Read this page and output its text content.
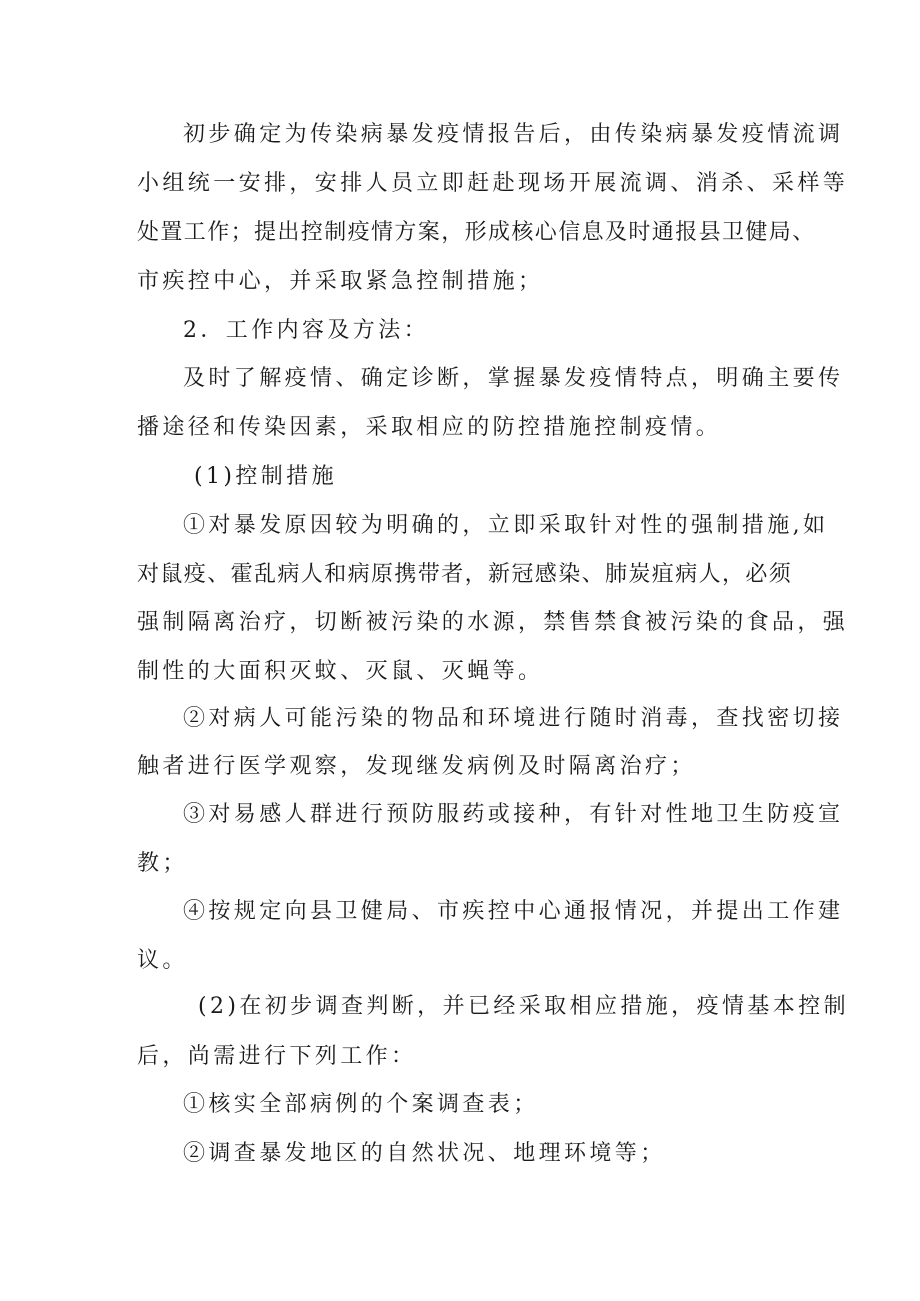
初步确定为传染病暴发疫情报告后，由传染病暴发疫情流调
小组统一安排，安排人员立即赶赴现场开展流调、消杀、采样等
处置工作；提出控制疫情方案，形成核心信息及时通报县卫健局、
市疾控中心，并采取紧急控制措施；
2．工作内容及方法：
及时了解疫情、确定诊断，掌握暴发疫情特点，明确主要传
播途径和传染因素，采取相应的防控措施控制疫情。
(1)控制措施
①对暴发原因较为明确的，立即采取针对性的强制措施,如
对鼠疫、霍乱病人和病原携带者，新冠感染、肺炭疽病人，必须
强制隔离治疗，切断被污染的水源，禁售禁食被污染的食品，强
制性的大面积灭蚊、灭鼠、灭蝇等。
②对病人可能污染的物品和环境进行随时消毒，查找密切接
触者进行医学观察，发现继发病例及时隔离治疗；
③对易感人群进行预防服药或接种，有针对性地卫生防疫宣
教；
④按规定向县卫健局、市疾控中心通报情况，并提出工作建
议。
(2)在初步调查判断，并已经采取相应措施，疫情基本控制
后，尚需进行下列工作：
①核实全部病例的个案调查表；
②调查暴发地区的自然状况、地理环境等；
